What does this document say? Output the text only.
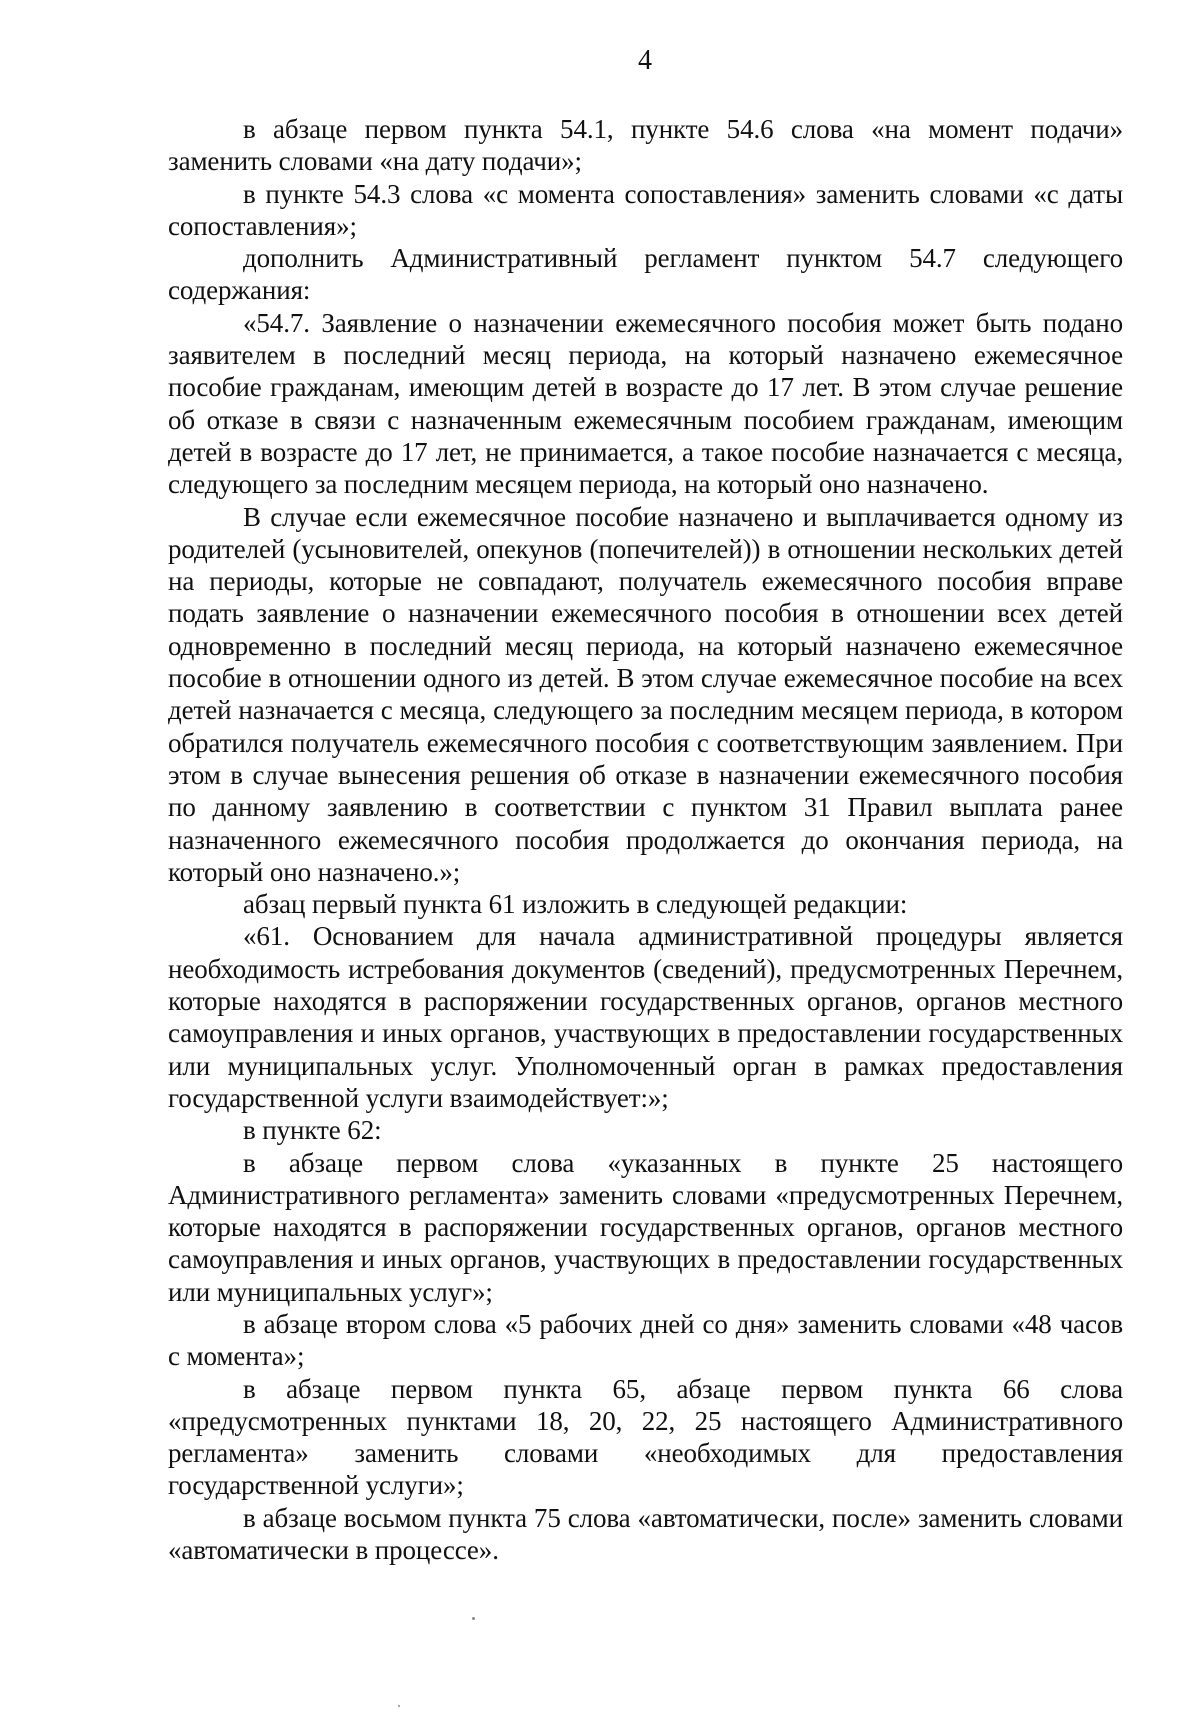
4

в абзаце первом пункта 54.1, пункте 54.6 слова «на момент подачи» заменить словами «на дату подачи»;

в пункте 54.3 слова «с момента сопоставления» заменить словами «с даты сопоставления»;

дополнить Административный регламент пунктом 54.7 следующего содержания:

«54.7. Заявление о назначении ежемесячного пособия может быть подано заявителем в последний месяц периода, на который назначено ежемесячное пособие гражданам, имеющим детей в возрасте до 17 лет. В этом случае решение об отказе в связи с назначенным ежемесячным пособием гражданам, имеющим детей в возрасте до 17 лет, не принимается, а такое пособие назначается с месяца, следующего за последним месяцем периода, на который оно назначено.

В случае если ежемесячное пособие назначено и выплачивается одному из родителей (усыновителей, опекунов (попечителей)) в отношении нескольких детей на периоды, которые не совпадают, получатель ежемесячного пособия вправе подать заявление о назначении ежемесячного пособия в отношении всех детей одновременно в последний месяц периода, на который назначено ежемесячное пособие в отношении одного из детей. В этом случае ежемесячное пособие на всех детей назначается с месяца, следующего за последним месяцем периода, в котором обратился получатель ежемесячного пособия с соответствующим заявлением. При этом в случае вынесения решения об отказе в назначении ежемесячного пособия по данному заявлению в соответствии с пунктом 31 Правил выплата ранее назначенного ежемесячного пособия продолжается до окончания периода, на который оно назначено.»;

абзац первый пункта 61 изложить в следующей редакции:

«61. Основанием для начала административной процедуры является необходимость истребования документов (сведений), предусмотренных Перечнем, которые находятся в распоряжении государственных органов, органов местного самоуправления и иных органов, участвующих в предоставлении государственных или муниципальных услуг. Уполномоченный орган в рамках предоставления государственной услуги взаимодействует:»;

в пункте 62:

в абзаце первом слова «указанных в пункте 25 настоящего Административного регламента» заменить словами «предусмотренных Перечнем, которые находятся в распоряжении государственных органов, органов местного самоуправления и иных органов, участвующих в предоставлении государственных или муниципальных услуг»;

в абзаце втором слова «5 рабочих дней со дня» заменить словами «48 часов с момента»;

в абзаце первом пункта 65, абзаце первом пункта 66 слова «предусмотренных пунктами 18, 20, 22, 25 настоящего Административного регламента» заменить словами «необходимых для предоставления государственной услуги»;

в абзаце восьмом пункта 75 слова «автоматически, после» заменить словами «автоматически в процессе».
